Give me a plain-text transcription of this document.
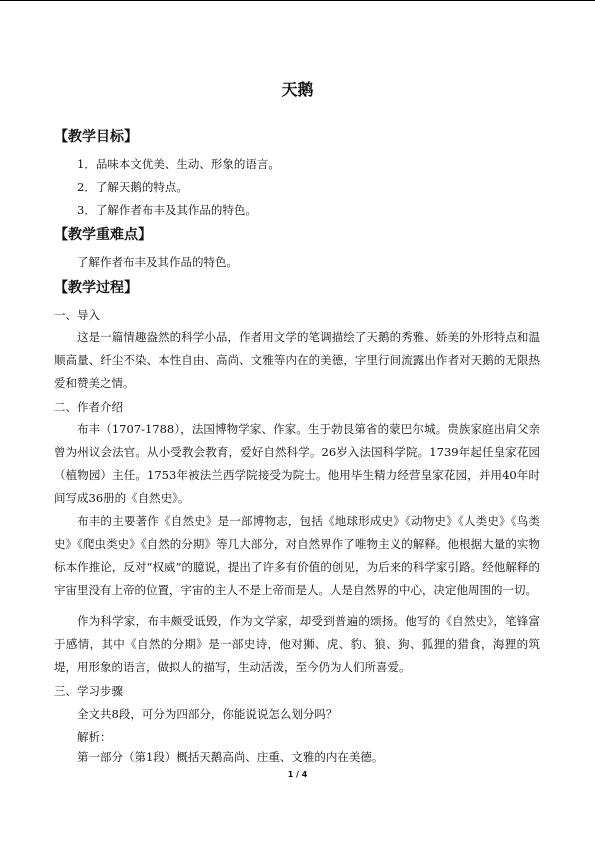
天鹅
【教学目标】
1．品味本文优美、生动、形象的语言。
2．了解天鹅的特点。
3．了解作者布丰及其作品的特色。
【教学重难点】
了解作者布丰及其作品的特色。
【教学过程】
一、导入

这是一篇情趣盎然的科学小品，作者用文学的笔调描绘了天鹅的秀雅、娇美的外形特点和温顺高量、纤尘不染、本性自由、高尚、文雅等内在的美德，字里行间流露出作者对天鹅的无限热爱和赞美之情。

二、作者介绍

布丰（1707-1788），法国博物学家、作家。生于勃艮第省的蒙巴尔城。贵族家庭出肩父亲曾为州议会法官。从小受教会教育，爱好自然科学。26岁入法国科学院。1739年起任皇家花园（植物园）主任。1753年被法兰西学院接受为院士。他用毕生精力经营皇家花园，并用40年时间写成36册的《自然史》。

布丰的主要著作《自然史》是一部博物志，包括《地球形成史》《动物史》《人类史》《鸟类史》《爬虫类史》《自然的分期》等几大部分，对自然界作了唯物主义的解释。他根据大量的实物标本作推论，反对“权威”的臆说，提出了许多有价值的创见，为后来的科学家引路。经他解释的宇宙里没有上帝的位置，宇宙的主人不是上帝而是人。人是自然界的中心，决定他周围的一切。

作为科学家，布丰颇受诋毁，作为文学家，却受到普遍的颂扬。他写的《自然史》，笔锋富于感情，其中《自然的分期》是一部史诗，他对狮、虎、豹、狼、狗、狐狸的猎食，海狸的筑堤，用形象的语言，做拟人的描写，生动活泼，至今仍为人们所喜爱。

三、学习步骤
全文共8段，可分为四部分，你能说说怎么划分吗？
解析：
第一部分（第1段）概括天鹅高尚、庄重、文雅的内在美德。
1 / 4
